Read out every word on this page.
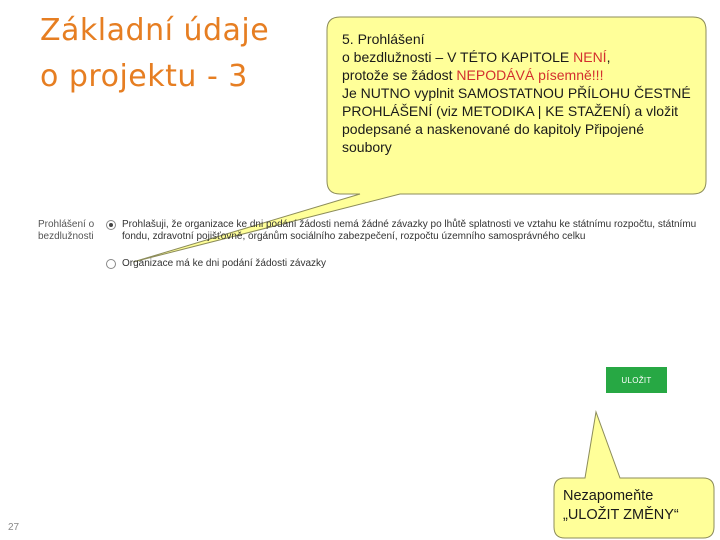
Základní údaje
o projektu - 3
5. Prohlášení
o bezdlužnosti – V TÉTO KAPITOLE NENÍ,
protože se žádost NEPODÁVÁ písemně!!!
Je NUTNO vyplnit SAMOSTATNOU PŘÍLOHU ČESTNÉ PROHLÁŠENÍ (viz METODIKA | KE STAŽENÍ) a vložit podepsané a naskenované do kapitoly Připojené soubory
Nezapomeňte
„ULOŽIT ZMĚNY“
Prohlášení o bezdlužnosti
Prohlašuji, že organizace ke dni podání žádosti nemá žádné závazky po lhůtě splatnosti ve vztahu ke státnímu rozpočtu, státnímu fondu, zdravotní pojišťovně, orgánům sociálního zabezpečení, rozpočtu územního samosprávného celku
Organizace má ke dni podání žádosti závazky
ULOŽIT
27
